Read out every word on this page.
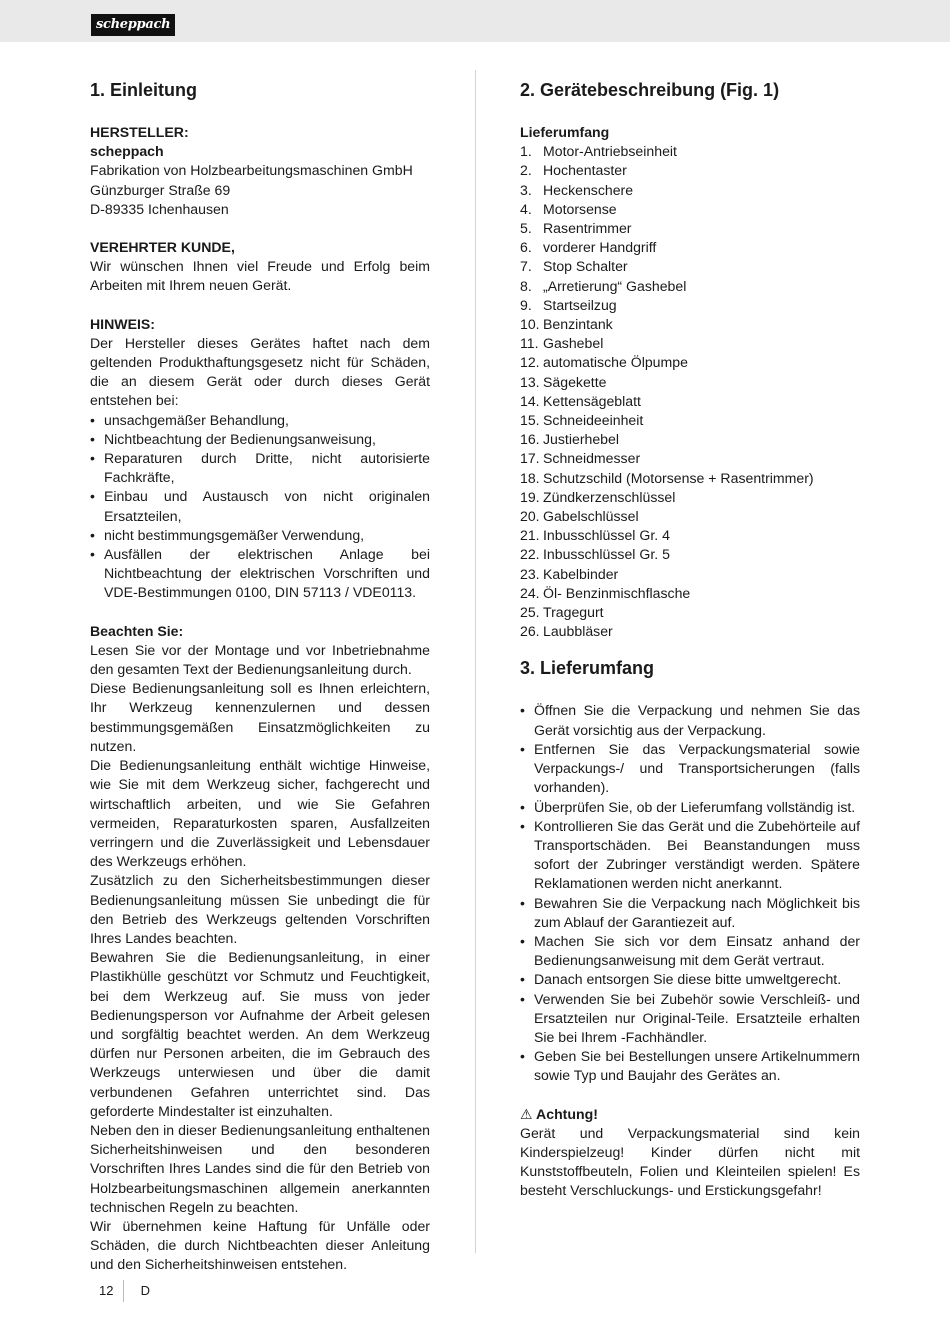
scheppach
1. Einleitung
HERSTELLER:
scheppach
Fabrikation von Holzbearbeitungsmaschinen GmbH
Günzburger Straße 69
D-89335 Ichenhausen
VEREHRTER KUNDE,

Wir wünschen Ihnen viel Freude und Erfolg beim Arbeiten mit Ihrem neuen Gerät.

HINWEIS:

Der Hersteller dieses Gerätes haftet nach dem geltenden Produkthaftungsgesetz nicht für Schäden, die an diesem Gerät oder durch dieses Gerät entstehen bei:

• unsachgemäßer Behandlung,
• Nichtbeachtung der Bedienungsanweisung,
• Reparaturen durch Dritte, nicht autorisierte Fachkräfte,
• Einbau und Austausch von nicht originalen Ersatzteilen,
• nicht bestimmungsgemäßer Verwendung,
• Ausfällen der elektrischen Anlage bei Nichtbeachtung der elektrischen Vorschriften und VDE-Bestimmungen 0100, DIN 57113 / VDE0113.
Beachten Sie:

Lesen Sie vor der Montage und vor Inbetriebnahme den gesamten Text der Bedienungsanleitung durch.

Diese Bedienungsanleitung soll es Ihnen erleichtern, Ihr Werkzeug kennenzulernen und dessen bestimmungsgemäßen Einsatzmöglichkeiten zu nutzen.

Die Bedienungsanleitung enthält wichtige Hinweise, wie Sie mit dem Werkzeug sicher, fachgerecht und wirtschaftlich arbeiten, und wie Sie Gefahren vermeiden, Reparaturkosten sparen, Ausfallzeiten verringern und die Zuverlässigkeit und Lebensdauer des Werkzeugs erhöhen.

Zusätzlich zu den Sicherheitsbestimmungen dieser Bedienungsanleitung müssen Sie unbedingt die für den Betrieb des Werkzeugs geltenden Vorschriften Ihres Landes beachten.

Bewahren Sie die Bedienungsanleitung, in einer Plastikhülle geschützt vor Schmutz und Feuchtigkeit, bei dem Werkzeug auf. Sie muss von jeder Bedienungsperson vor Aufnahme der Arbeit gelesen und sorgfältig beachtet werden. An dem Werkzeug dürfen nur Personen arbeiten, die im Gebrauch des Werkzeugs unterwiesen und über die damit verbundenen Gefahren unterrichtet sind. Das geforderte Mindestalter ist einzuhalten.

Neben den in dieser Bedienungsanleitung enthaltenen Sicherheitshinweisen und den besonderen Vorschriften Ihres Landes sind die für den Betrieb von Holzbearbeitungsmaschinen allgemein anerkannten technischen Regeln zu beachten.

Wir übernehmen keine Haftung für Unfälle oder Schäden, die durch Nichtbeachten dieser Anleitung und den Sicherheitshinweisen entstehen.

2. Gerätebeschreibung (Fig. 1)
Lieferumfang
1. Motor-Antriebseinheit
2. Hochentaster
3. Heckenschere
4. Motorsense
5. Rasentrimmer
6. vorderer Handgriff
7. Stop Schalter
8. „Arretierung“ Gashebel
9. Startseilzug
10. Benzintank
11. Gashebel
12. automatische Ölpumpe
13. Sägekette
14. Kettensägeblatt
15. Schneideeinheit
16. Justierhebel
17. Schneidmesser
18. Schutzschild (Motorsense + Rasentrimmer)
19. Zündkerzenschlüssel
20. Gabelschlüssel
21. Inbusschlüssel Gr. 4
22. Inbusschlüssel Gr. 5
23. Kabelbinder
24. Öl- Benzinmischflasche
25. Tragegurt
26. Laubbläser
3. Lieferumfang
• Öffnen Sie die Verpackung und nehmen Sie das Gerät vorsichtig aus der Verpackung.
• Entfernen Sie das Verpackungsmaterial sowie Verpackungs-/ und Transportsicherungen (falls vorhanden).
• Überprüfen Sie, ob der Lieferumfang vollständig ist.
• Kontrollieren Sie das Gerät und die Zubehörteile auf Transportschäden. Bei Beanstandungen muss sofort der Zubringer verständigt werden. Spätere Reklamationen werden nicht anerkannt.
• Bewahren Sie die Verpackung nach Möglichkeit bis zum Ablauf der Garantiezeit auf.
• Machen Sie sich vor dem Einsatz anhand der Bedienungsanweisung mit dem Gerät vertraut.
• Danach entsorgen Sie diese bitte umweltgerecht.
• Verwenden Sie bei Zubehör sowie Verschleiß- und Ersatzteilen nur Original-Teile. Ersatzteile erhalten Sie bei Ihrem -Fachhändler.
• Geben Sie bei Bestellungen unsere Artikelnummern sowie Typ und Baujahr des Gerätes an.
⚠ Achtung!

Gerät und Verpackungsmaterial sind kein Kinderspielzeug! Kinder dürfen nicht mit Kunststoffbeuteln, Folien und Kleinteilen spielen! Es besteht Verschluckungs- und Erstickungsgefahr!

12 D
